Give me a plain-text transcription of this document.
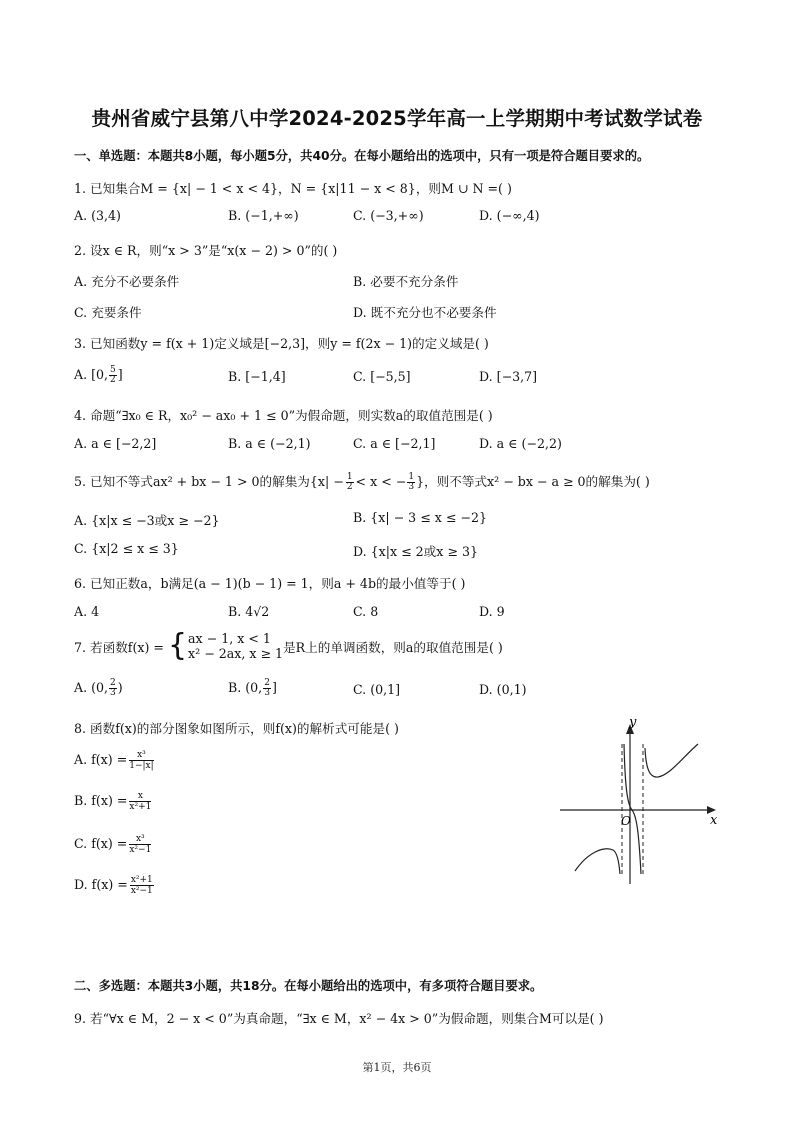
贵州省威宁县第八中学2024-2025学年高一上学期期中考试数学试卷
一、单选题：本题共8小题，每小题5分，共40分。在每小题给出的选项中，只有一项是符合题目要求的。
1. 已知集合M = {x| − 1 < x < 4}，N = {x|11 − x < 8}，则M ∪ N =( )
A. (3,4)	B. (−1,+∞)	C. (−3,+∞)	D. (−∞,4)
2. 设x ∈ R，则“x > 3”是“x(x − 2) > 0”的( )
A. 充分不必要条件	B. 必要不充分条件
C. 充要条件	D. 既不充分也不必要条件
3. 已知函数y = f(x + 1)定义域是[−2,3]，则y = f(2x − 1)的定义域是( )
A. [0, $\frac{5}{2}$ ]	B. [−1,4]	C. [−5,5]	D. [−3,7]
4. 命题“∃x₀ ∈ R，x₀² − ax₀ + 1 ≤ 0”为假命题，则实数a的取值范围是( )
A. a ∈ [−2,2]	B. a ∈ (−2,1)	C. a ∈ [−2,1]	D. a ∈ (−2,2)
5. 已知不等式ax² + bx − 1 > 0的解集为{$x| - \frac{1}{2} < x$ < − $\frac{1}{3}$ }，则不等式x² − bx − a ≥ 0的解集为( )
A. {x|x ≤ −3或x ≥ −2}	B. {x| − 3 ≤ x ≤ −2}
C. {x|2 ≤ x ≤ 3}	D. {x|x ≤ 2或x ≥ 3}
6. 已知正数a，b满足(a − 1)(b − 1) = 1，则a + 4b的最小值等于( )
A. 4	B. 4√2	C. 8	D. 9
7. 若函数f(x) = { ax − 1, x < 1
x² − 2ax, x ≥ 1 是R上的单调函数，则a的取值范围是( )
A. (0, $\frac{2}{3}$ )	B. (0, $\frac{2}{3}$ ]	C. (0,1]	D. (0,1)
8. 函数f(x)的部分图象如图所示，则f(x)的解析式可能是( )
A. $f(x) = \frac{\text{x³}}{1-|x|}$
B. $f(x) = \frac{x}{\text{x²+1}}$
C. $f(x) = \frac{\text{x³}}{\text{x²−1}}$
D. $f(x) = \frac{\text{x²+1}}{\text{x²−1}}$
y
x
O
二、多选题：本题共3小题，共18分。在每小题给出的选项中，有多项符合题目要求。
9. 若“∀x ∈ M，2 − x < 0”为真命题，“∃x ∈ M，x² − 4x > 0”为假命题，则集合M可以是( )
第1页，共6页
